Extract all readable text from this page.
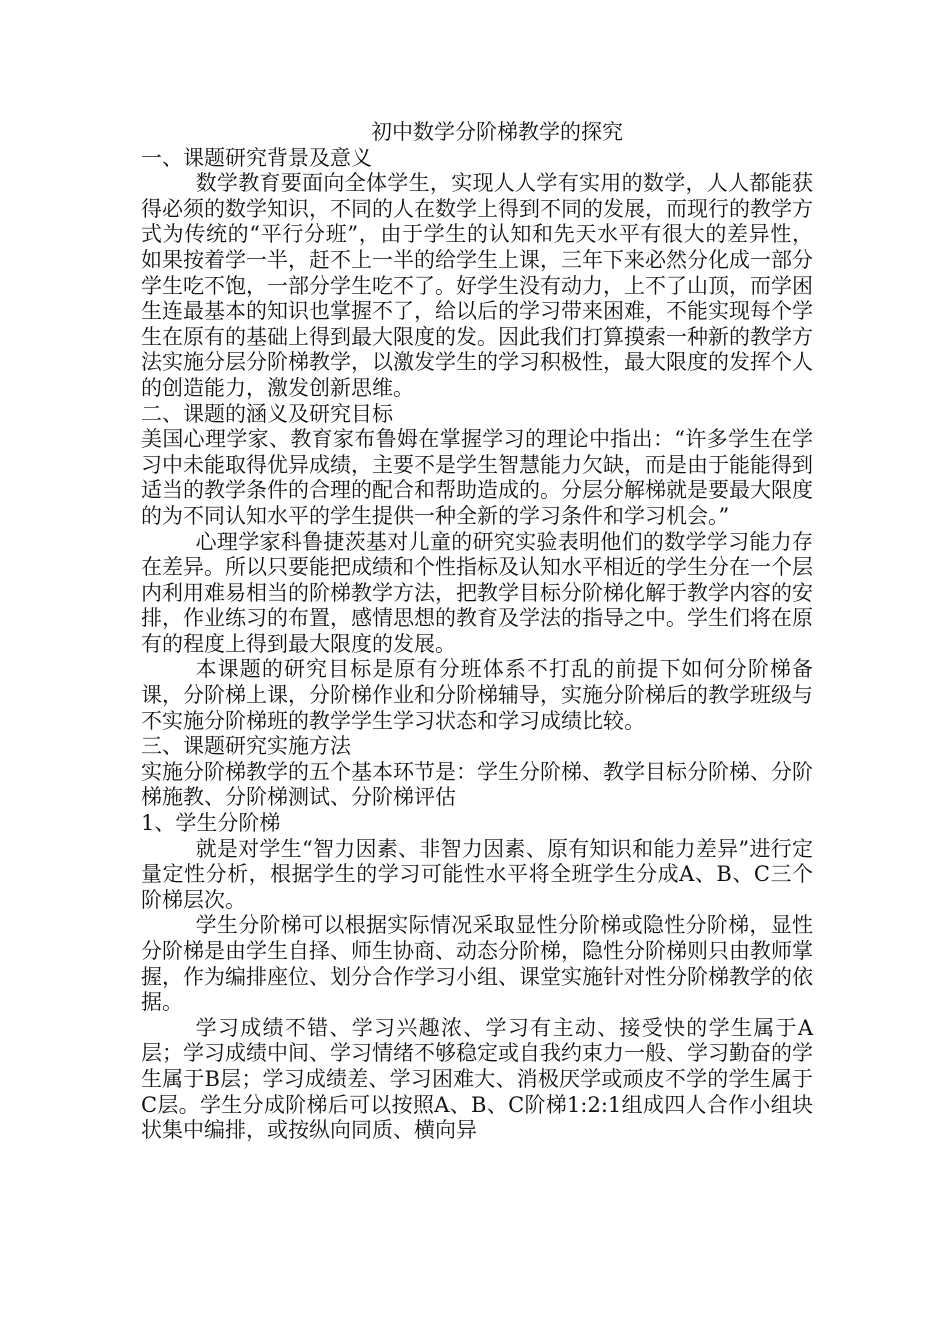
初中数学分阶梯教学的探究

一、课题研究背景及意义

数学教育要面向全体学生，实现人人学有实用的数学，人人都能获得必须的数学知识，不同的人在数学上得到不同的发展，而现行的教学方式为传统的“平行分班”，由于学生的认知和先天水平有很大的差异性，如果按着学一半，赶不上一半的给学生上课，三年下来必然分化成一部分学生吃不饱，一部分学生吃不了。好学生没有动力，上不了山顶，而学困生连最基本的知识也掌握不了，给以后的学习带来困难，不能实现每个学生在原有的基础上得到最大限度的发。因此我们打算摸索一种新的教学方法实施分层分阶梯教学，以激发学生的学习积极性，最大限度的发挥个人的创造能力，激发创新思维。

二、课题的涵义及研究目标

美国心理学家、教育家布鲁姆在掌握学习的理论中指出：“许多学生在学习中未能取得优异成绩，主要不是学生智慧能力欠缺，而是由于能能得到适当的教学条件的合理的配合和帮助造成的。分层分解梯就是要最大限度的为不同认知水平的学生提供一种全新的学习条件和学习机会。”

心理学家科鲁捷茨基对儿童的研究实验表明他们的数学学习能力存在差异。所以只要能把成绩和个性指标及认知水平相近的学生分在一个层内利用难易相当的阶梯教学方法，把教学目标分阶梯化解于教学内容的安排，作业练习的布置，感情思想的教育及学法的指导之中。学生们将在原有的程度上得到最大限度的发展。

本课题的研究目标是原有分班体系不打乱的前提下如何分阶梯备课，分阶梯上课，分阶梯作业和分阶梯辅导，实施分阶梯后的教学班级与不实施分阶梯班的教学学生学习状态和学习成绩比较。

三、课题研究实施方法

实施分阶梯教学的五个基本环节是：学生分阶梯、教学目标分阶梯、分阶梯施教、分阶梯测试、分阶梯评估

1、学生分阶梯

就是对学生“智力因素、非智力因素、原有知识和能力差异”进行定量定性分析，根据学生的学习可能性水平将全班学生分成A、B、C三个阶梯层次。

学生分阶梯可以根据实际情况采取显性分阶梯或隐性分阶梯，显性分阶梯是由学生自择、师生协商、动态分阶梯，隐性分阶梯则只由教师掌握，作为编排座位、划分合作学习小组、课堂实施针对性分阶梯教学的依据。

学习成绩不错、学习兴趣浓、学习有主动、接受快的学生属于A层；学习成绩中间、学习情绪不够稳定或自我约束力一般、学习勤奋的学生属于B层；学习成绩差、学习困难大、消极厌学或顽皮不学的学生属于C层。学生分成阶梯后可以按照A、B、C阶梯1:2:1组成四人合作小组块状集中编排，或按纵向同质、横向异
